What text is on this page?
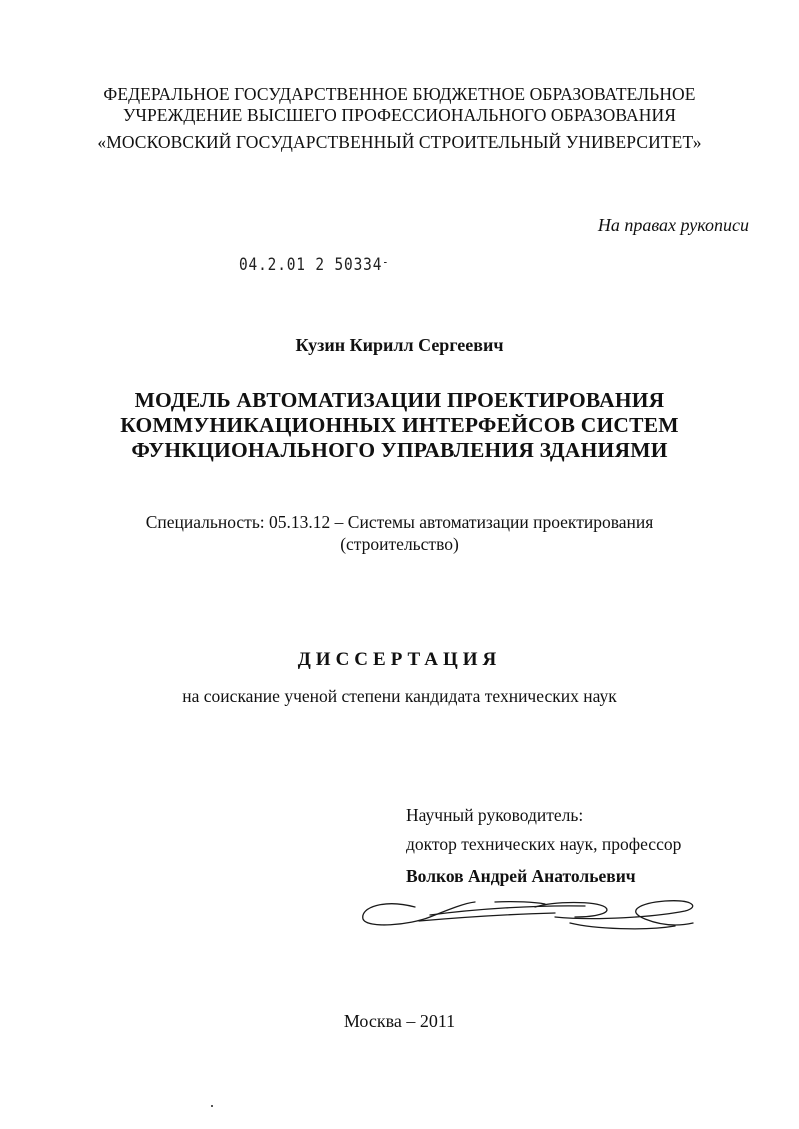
ФЕДЕРАЛЬНОЕ ГОСУДАРСТВЕННОЕ БЮДЖЕТНОЕ ОБРАЗОВАТЕЛЬНОЕ
УЧРЕЖДЕНИЕ ВЫСШЕГО ПРОФЕССИОНАЛЬНОГО ОБРАЗОВАНИЯ
«МОСКОВСКИЙ ГОСУДАРСТВЕННЫЙ СТРОИТЕЛЬНЫЙ УНИВЕРСИТЕТ»
На правах рукописи
04.2.01 2 50334-
Кузин Кирилл Сергеевич
МОДЕЛЬ АВТОМАТИЗАЦИИ ПРОЕКТИРОВАНИЯ
КОММУНИКАЦИОННЫХ ИНТЕРФЕЙСОВ СИСТЕМ
ФУНКЦИОНАЛЬНОГО УПРАВЛЕНИЯ ЗДАНИЯМИ
Специальность: 05.13.12 – Системы автоматизации проектирования
(строительство)
ДИССЕРТАЦИЯ
на соискание ученой степени кандидата технических наук
Научный руководитель:
доктор технических наук, профессор
Волков Андрей Анатольевич
Москва – 2011
